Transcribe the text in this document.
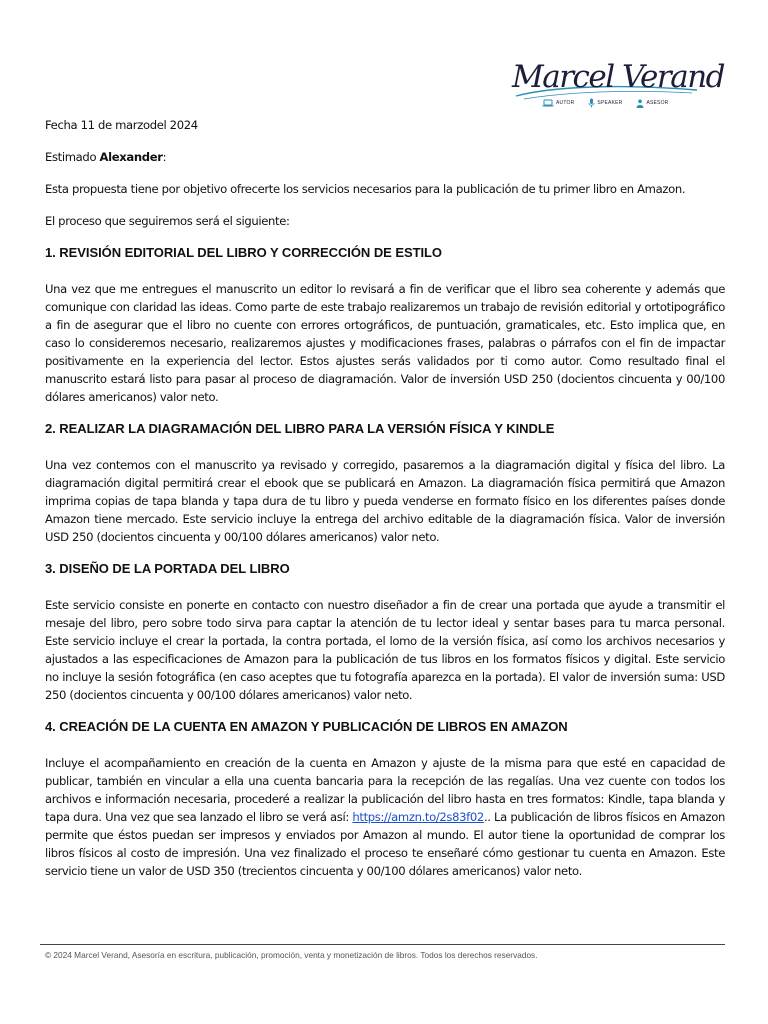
Marcel Verand
AUTOR	SPEAKER	ASESOR

Fecha 11 de marzodel 2024

Estimado Alexander:

Esta propuesta tiene por objetivo ofrecerte los servicios necesarios para la publicación de tu primer libro en Amazon.

El proceso que seguiremos será el siguiente:

1. REVISIÓN EDITORIAL DEL LIBRO Y CORRECCIÓN DE ESTILO

Una vez que me entregues el manuscrito un editor lo revisará a fin de verificar que el libro sea coherente y además que comunique con claridad las ideas. Como parte de este trabajo realizaremos un trabajo de revisión editorial y ortotipográfico a fin de asegurar que el libro no cuente con errores ortográficos, de puntuación, gramaticales, etc. Esto implica que, en caso lo consideremos necesario, realizaremos ajustes y modificaciones frases, palabras o párrafos con el fin de impactar positivamente en la experiencia del lector. Estos ajustes serás validados por ti como autor. Como resultado final el manuscrito estará listo para pasar al proceso de diagramación. Valor de inversión USD 250 (docientos cincuenta y 00/100 dólares americanos) valor neto.

2. REALIZAR LA DIAGRAMACIÓN DEL LIBRO PARA LA VERSIÓN FÍSICA Y KINDLE

Una vez contemos con el manuscrito ya revisado y corregido, pasaremos a la diagramación digital y física del libro. La diagramación digital permitirá crear el ebook que se publicará en Amazon. La diagramación física permitirá que Amazon imprima copias de tapa blanda y tapa dura de tu libro y pueda venderse en formato físico en los diferentes países donde Amazon tiene mercado. Este servicio incluye la entrega del archivo editable de la diagramación física. Valor de inversión USD 250 (docientos cincuenta y 00/100 dólares americanos) valor neto.

3. DISEÑO DE LA PORTADA DEL LIBRO

Este servicio consiste en ponerte en contacto con nuestro diseñador a fin de crear una portada que ayude a transmitir el mesaje del libro, pero sobre todo sirva para captar la atención de tu lector ideal y sentar bases para tu marca personal. Este servicio incluye el crear la portada, la contra portada, el lomo de la versión física, así como los archivos necesarios y ajustados a las especificaciones de Amazon para la publicación de tus libros en los formatos físicos y digital. Este servicio no incluye la sesión fotográfica (en caso aceptes que tu fotografía aparezca en la portada). El valor de inversión suma: USD 250 (docientos cincuenta y 00/100 dólares americanos) valor neto.

4. CREACIÓN DE LA CUENTA EN AMAZON Y PUBLICACIÓN DE LIBROS EN AMAZON

Incluye el acompañamiento en creación de la cuenta en Amazon y ajuste de la misma para que esté en capacidad de publicar, también en vincular a ella una cuenta bancaria para la recepción de las regalías. Una vez cuente con todos los archivos e información necesaria, procederé a realizar la publicación del libro hasta en tres formatos: Kindle, tapa blanda y tapa dura. Una vez que sea lanzado el libro se verá así: https://amzn.to/2s83f02.. La publicación de libros físicos en Amazon permite que éstos puedan ser impresos y enviados por Amazon al mundo. El autor tiene la oportunidad de comprar los libros físicos al costo de impresión. Una vez finalizado el proceso te enseñaré cómo gestionar tu cuenta en Amazon. Este servicio tiene un valor de USD 350 (trecientos cincuenta y 00/100 dólares americanos) valor neto.

© 2024 Marcel Verand, Asesoría en escritura, publicación, promoción, venta y monetización de libros. Todos los derechos reservados.
